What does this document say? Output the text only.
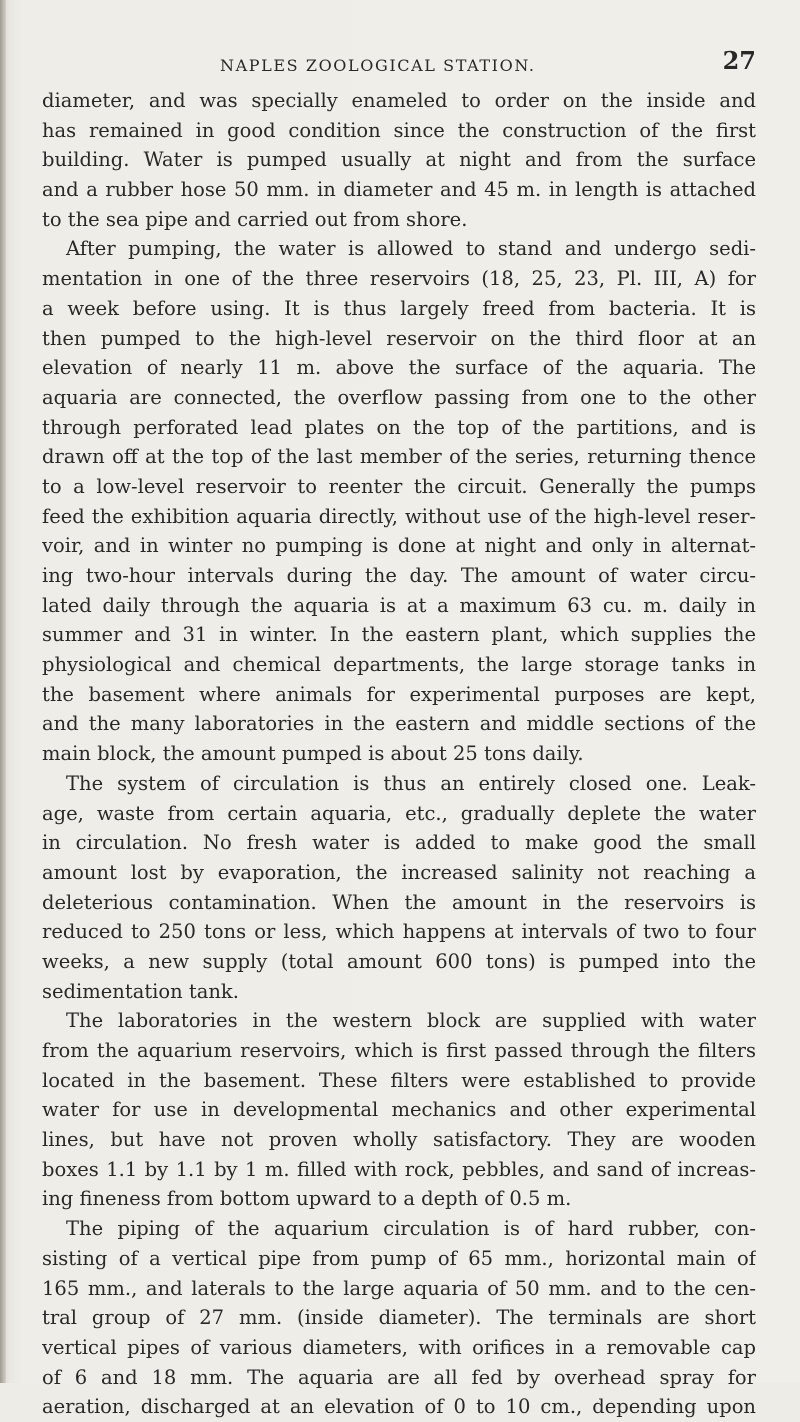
NAPLES ZOOLOGICAL STATION.	27
diameter, and was specially enameled to order on the inside and
has remained in good condition since the construction of the first
building. Water is pumped usually at night and from the surface
and a rubber hose 50 mm. in diameter and 45 m. in length is attached
to the sea pipe and carried out from shore.
After pumping, the water is allowed to stand and undergo sedi-
mentation in one of the three reservoirs (18, 25, 23, Pl. III, A) for
a week before using. It is thus largely freed from bacteria. It is
then pumped to the high-level reservoir on the third floor at an
elevation of nearly 11 m. above the surface of the aquaria. The
aquaria are connected, the overflow passing from one to the other
through perforated lead plates on the top of the partitions, and is
drawn off at the top of the last member of the series, returning thence
to a low-level reservoir to reenter the circuit. Generally the pumps
feed the exhibition aquaria directly, without use of the high-level reser-
voir, and in winter no pumping is done at night and only in alternat-
ing two-hour intervals during the day. The amount of water circu-
lated daily through the aquaria is at a maximum 63 cu. m. daily in
summer and 31 in winter. In the eastern plant, which supplies the
physiological and chemical departments, the large storage tanks in
the basement where animals for experimental purposes are kept,
and the many laboratories in the eastern and middle sections of the
main block, the amount pumped is about 25 tons daily.
The system of circulation is thus an entirely closed one. Leak-
age, waste from certain aquaria, etc., gradually deplete the water
in circulation. No fresh water is added to make good the small
amount lost by evaporation, the increased salinity not reaching a
deleterious contamination. When the amount in the reservoirs is
reduced to 250 tons or less, which happens at intervals of two to four
weeks, a new supply (total amount 600 tons) is pumped into the
sedimentation tank.
The laboratories in the western block are supplied with water
from the aquarium reservoirs, which is first passed through the filters
located in the basement. These filters were established to provide
water for use in developmental mechanics and other experimental
lines, but have not proven wholly satisfactory. They are wooden
boxes 1.1 by 1.1 by 1 m. filled with rock, pebbles, and sand of increas-
ing fineness from bottom upward to a depth of 0.5 m.
The piping of the aquarium circulation is of hard rubber, con-
sisting of a vertical pipe from pump of 65 mm., horizontal main of
165 mm., and laterals to the large aquaria of 50 mm. and to the cen-
tral group of 27 mm. (inside diameter). The terminals are short
vertical pipes of various diameters, with orifices in a removable cap
of 6 and 18 mm. The aquaria are all fed by overhead spray for
aeration, discharged at an elevation of 0 to 10 cm., depending upon
